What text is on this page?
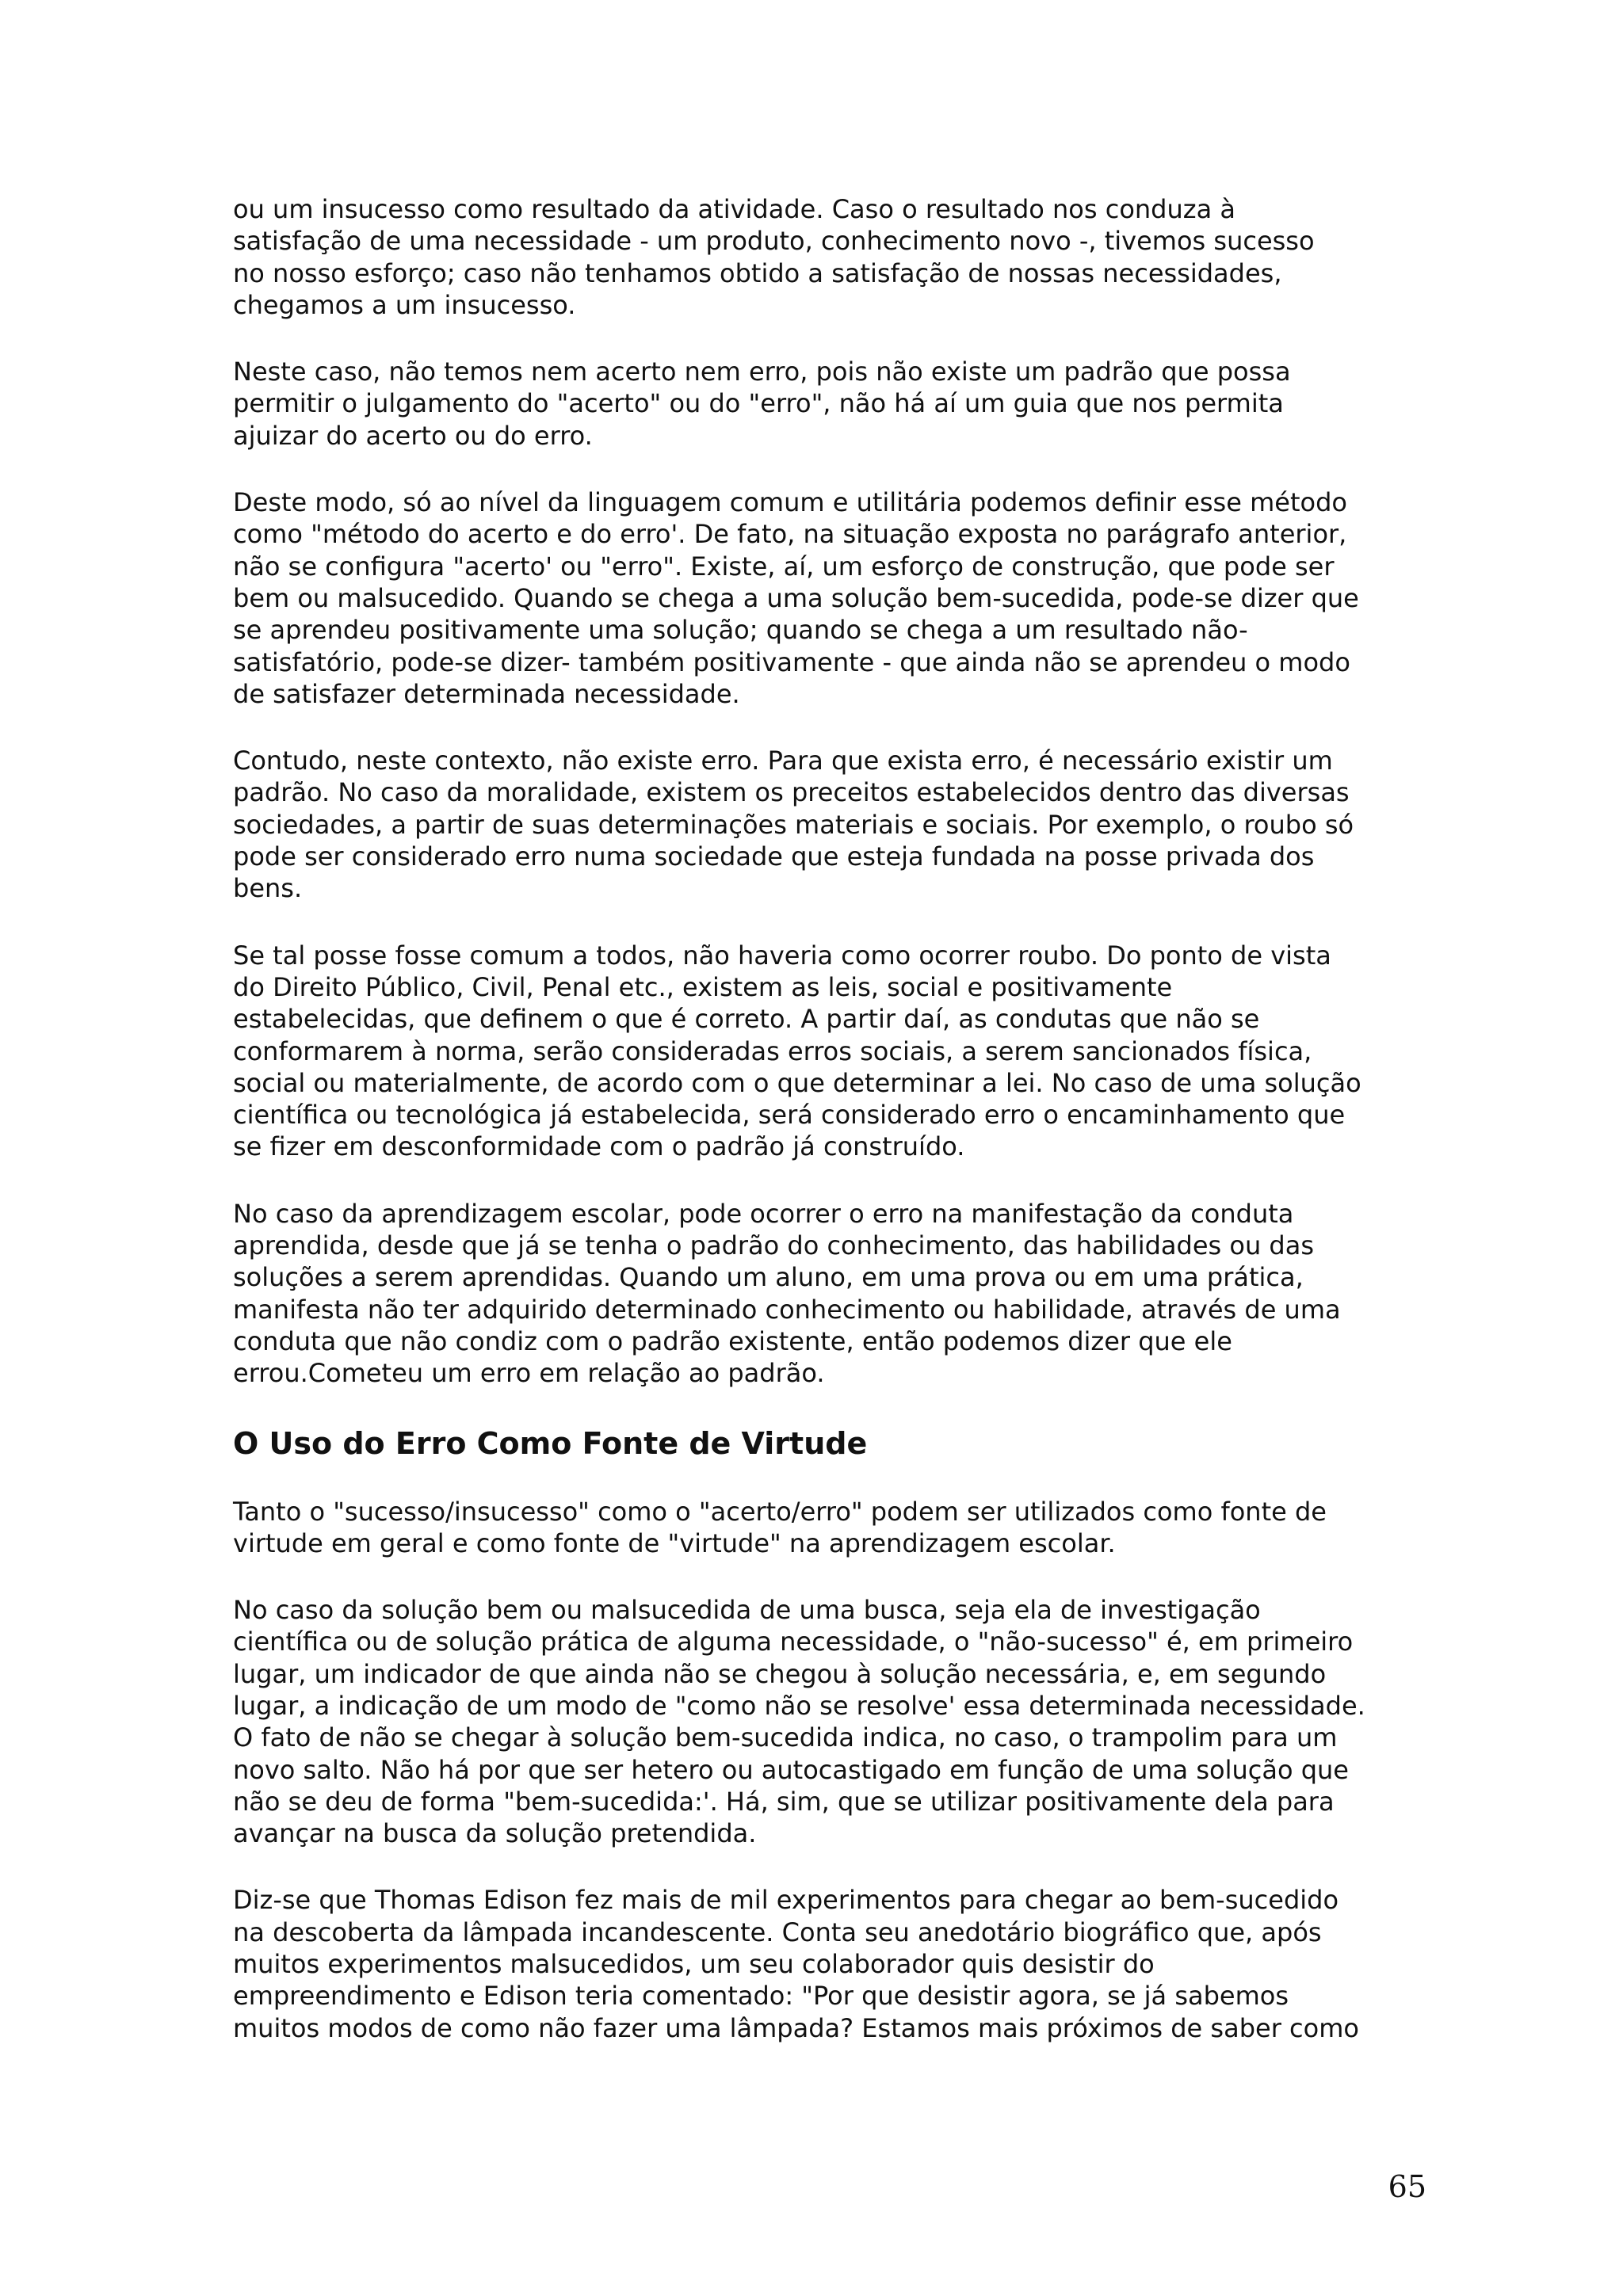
ou um insucesso como resultado da atividade. Caso o resultado nos conduza à
satisfação de uma necessidade - um produto, conhecimento novo -, tivemos sucesso
no nosso esforço; caso não tenhamos obtido a satisfação de nossas necessidades,
chegamos a um insucesso.

Neste caso, não temos nem acerto nem erro, pois não existe um padrão que possa
permitir o julgamento do "acerto" ou do "erro", não há aí um guia que nos permita
ajuizar do acerto ou do erro.

Deste modo, só ao nível da linguagem comum e utilitária podemos definir esse método
como "método do acerto e do erro'. De fato, na situação exposta no parágrafo anterior,
não se configura "acerto' ou "erro". Existe, aí, um esforço de construção, que pode ser
bem ou malsucedido. Quando se chega a uma solução bem-sucedida, pode-se dizer que
se aprendeu positivamente uma solução; quando se chega a um resultado não-
satisfatório, pode-se dizer- também positivamente - que ainda não se aprendeu o modo
de satisfazer determinada necessidade.

Contudo, neste contexto, não existe erro. Para que exista erro, é necessário existir um
padrão. No caso da moralidade, existem os preceitos estabelecidos dentro das diversas
sociedades, a partir de suas determinações materiais e sociais. Por exemplo, o roubo só
pode ser considerado erro numa sociedade que esteja fundada na posse privada dos
bens.

Se tal posse fosse comum a todos, não haveria como ocorrer roubo. Do ponto de vista
do Direito Público, Civil, Penal etc., existem as leis, social e positivamente
estabelecidas, que definem o que é correto. A partir daí, as condutas que não se
conformarem à norma, serão consideradas erros sociais, a serem sancionados física,
social ou materialmente, de acordo com o que determinar a lei. No caso de uma solução
científica ou tecnológica já estabelecida, será considerado erro o encaminhamento que
se fizer em desconformidade com o padrão já construído.

No caso da aprendizagem escolar, pode ocorrer o erro na manifestação da conduta
aprendida, desde que já se tenha o padrão do conhecimento, das habilidades ou das
soluções a serem aprendidas. Quando um aluno, em uma prova ou em uma prática,
manifesta não ter adquirido determinado conhecimento ou habilidade, através de uma
conduta que não condiz com o padrão existente, então podemos dizer que ele
errou.Cometeu um erro em relação ao padrão.

O Uso do Erro Como Fonte de Virtude

Tanto o "sucesso/insucesso" como o "acerto/erro" podem ser utilizados como fonte de
virtude em geral e como fonte de "virtude" na aprendizagem escolar.

No caso da solução bem ou malsucedida de uma busca, seja ela de investigação
científica ou de solução prática de alguma necessidade, o "não-sucesso" é, em primeiro
lugar, um indicador de que ainda não se chegou à solução necessária, e, em segundo
lugar, a indicação de um modo de "como não se resolve' essa determinada necessidade.
O fato de não se chegar à solução bem-sucedida indica, no caso, o trampolim para um
novo salto. Não há por que ser hetero ou autocastigado em função de uma solução que
não se deu de forma "bem-sucedida:'. Há, sim, que se utilizar positivamente dela para
avançar na busca da solução pretendida.

Diz-se que Thomas Edison fez mais de mil experimentos para chegar ao bem-sucedido
na descoberta da lâmpada incandescente. Conta seu anedotário biográfico que, após
muitos experimentos malsucedidos, um seu colaborador quis desistir do
empreendimento e Edison teria comentado: "Por que desistir agora, se já sabemos
muitos modos de como não fazer uma lâmpada? Estamos mais próximos de saber como

65
